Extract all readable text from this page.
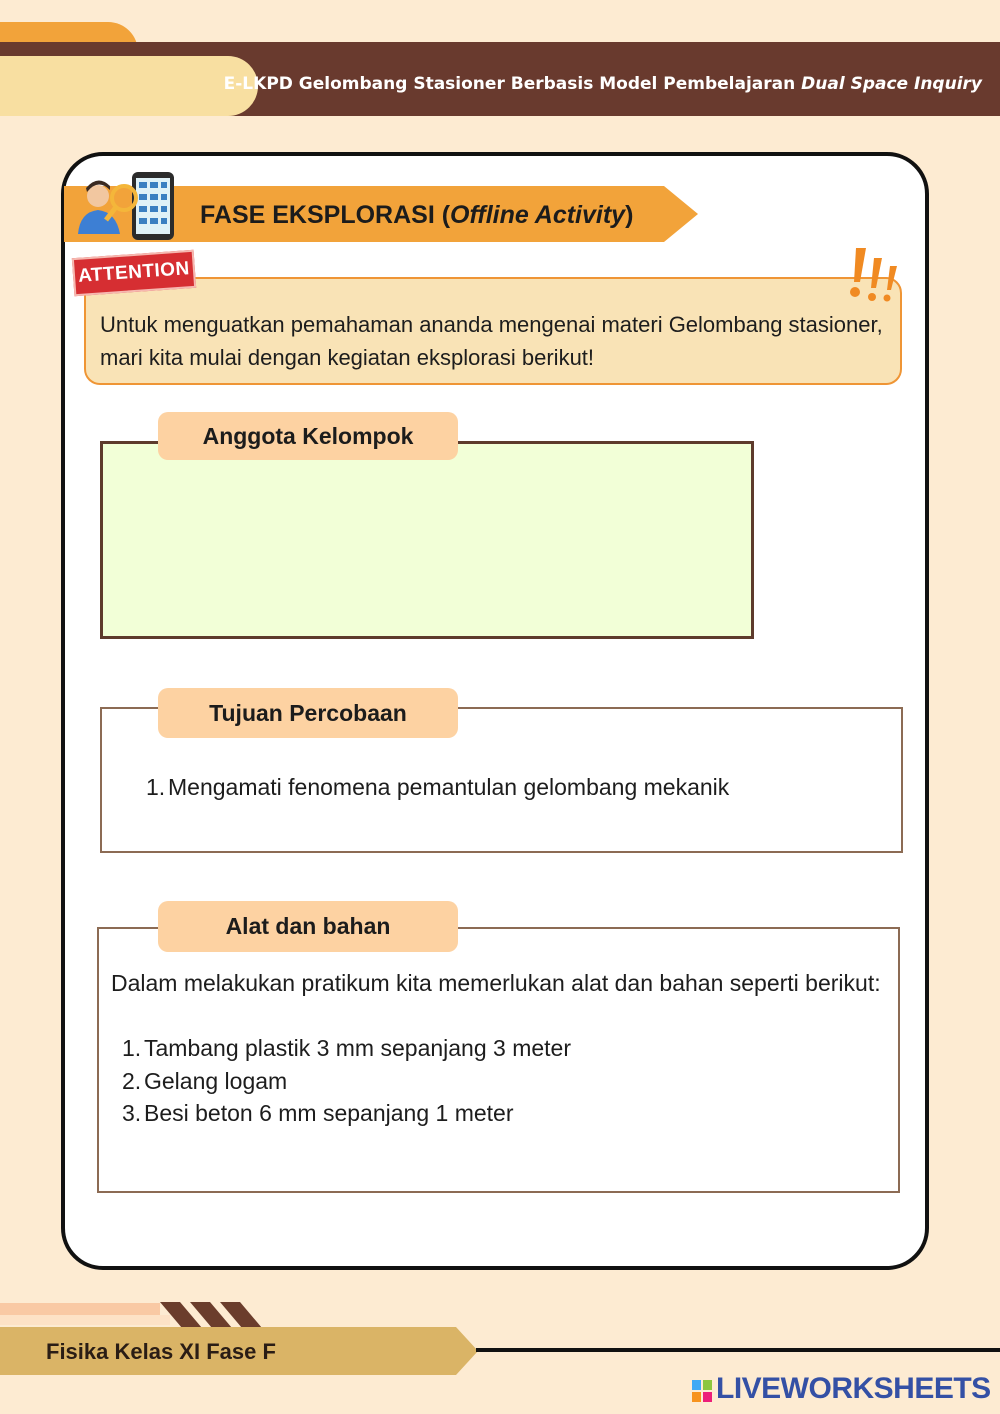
E-LKPD Gelombang Stasioner Berbasis Model Pembelajaran Dual Space Inquiry
FASE EKSPLORASI (Offline Activity)
ATTENTION
Untuk menguatkan pemahaman ananda mengenai materi Gelombang stasioner, mari kita mulai dengan kegiatan eksplorasi berikut!
Anggota Kelompok
Tujuan Percobaan
1. Mengamati fenomena pemantulan gelombang mekanik
Alat dan bahan
Dalam melakukan pratikum kita memerlukan alat dan bahan seperti berikut:
1. Tambang plastik 3 mm sepanjang 3 meter
2. Gelang logam
3. Besi beton 6 mm sepanjang 1 meter
Fisika Kelas XI Fase F
LIVEWORKSHEETS
